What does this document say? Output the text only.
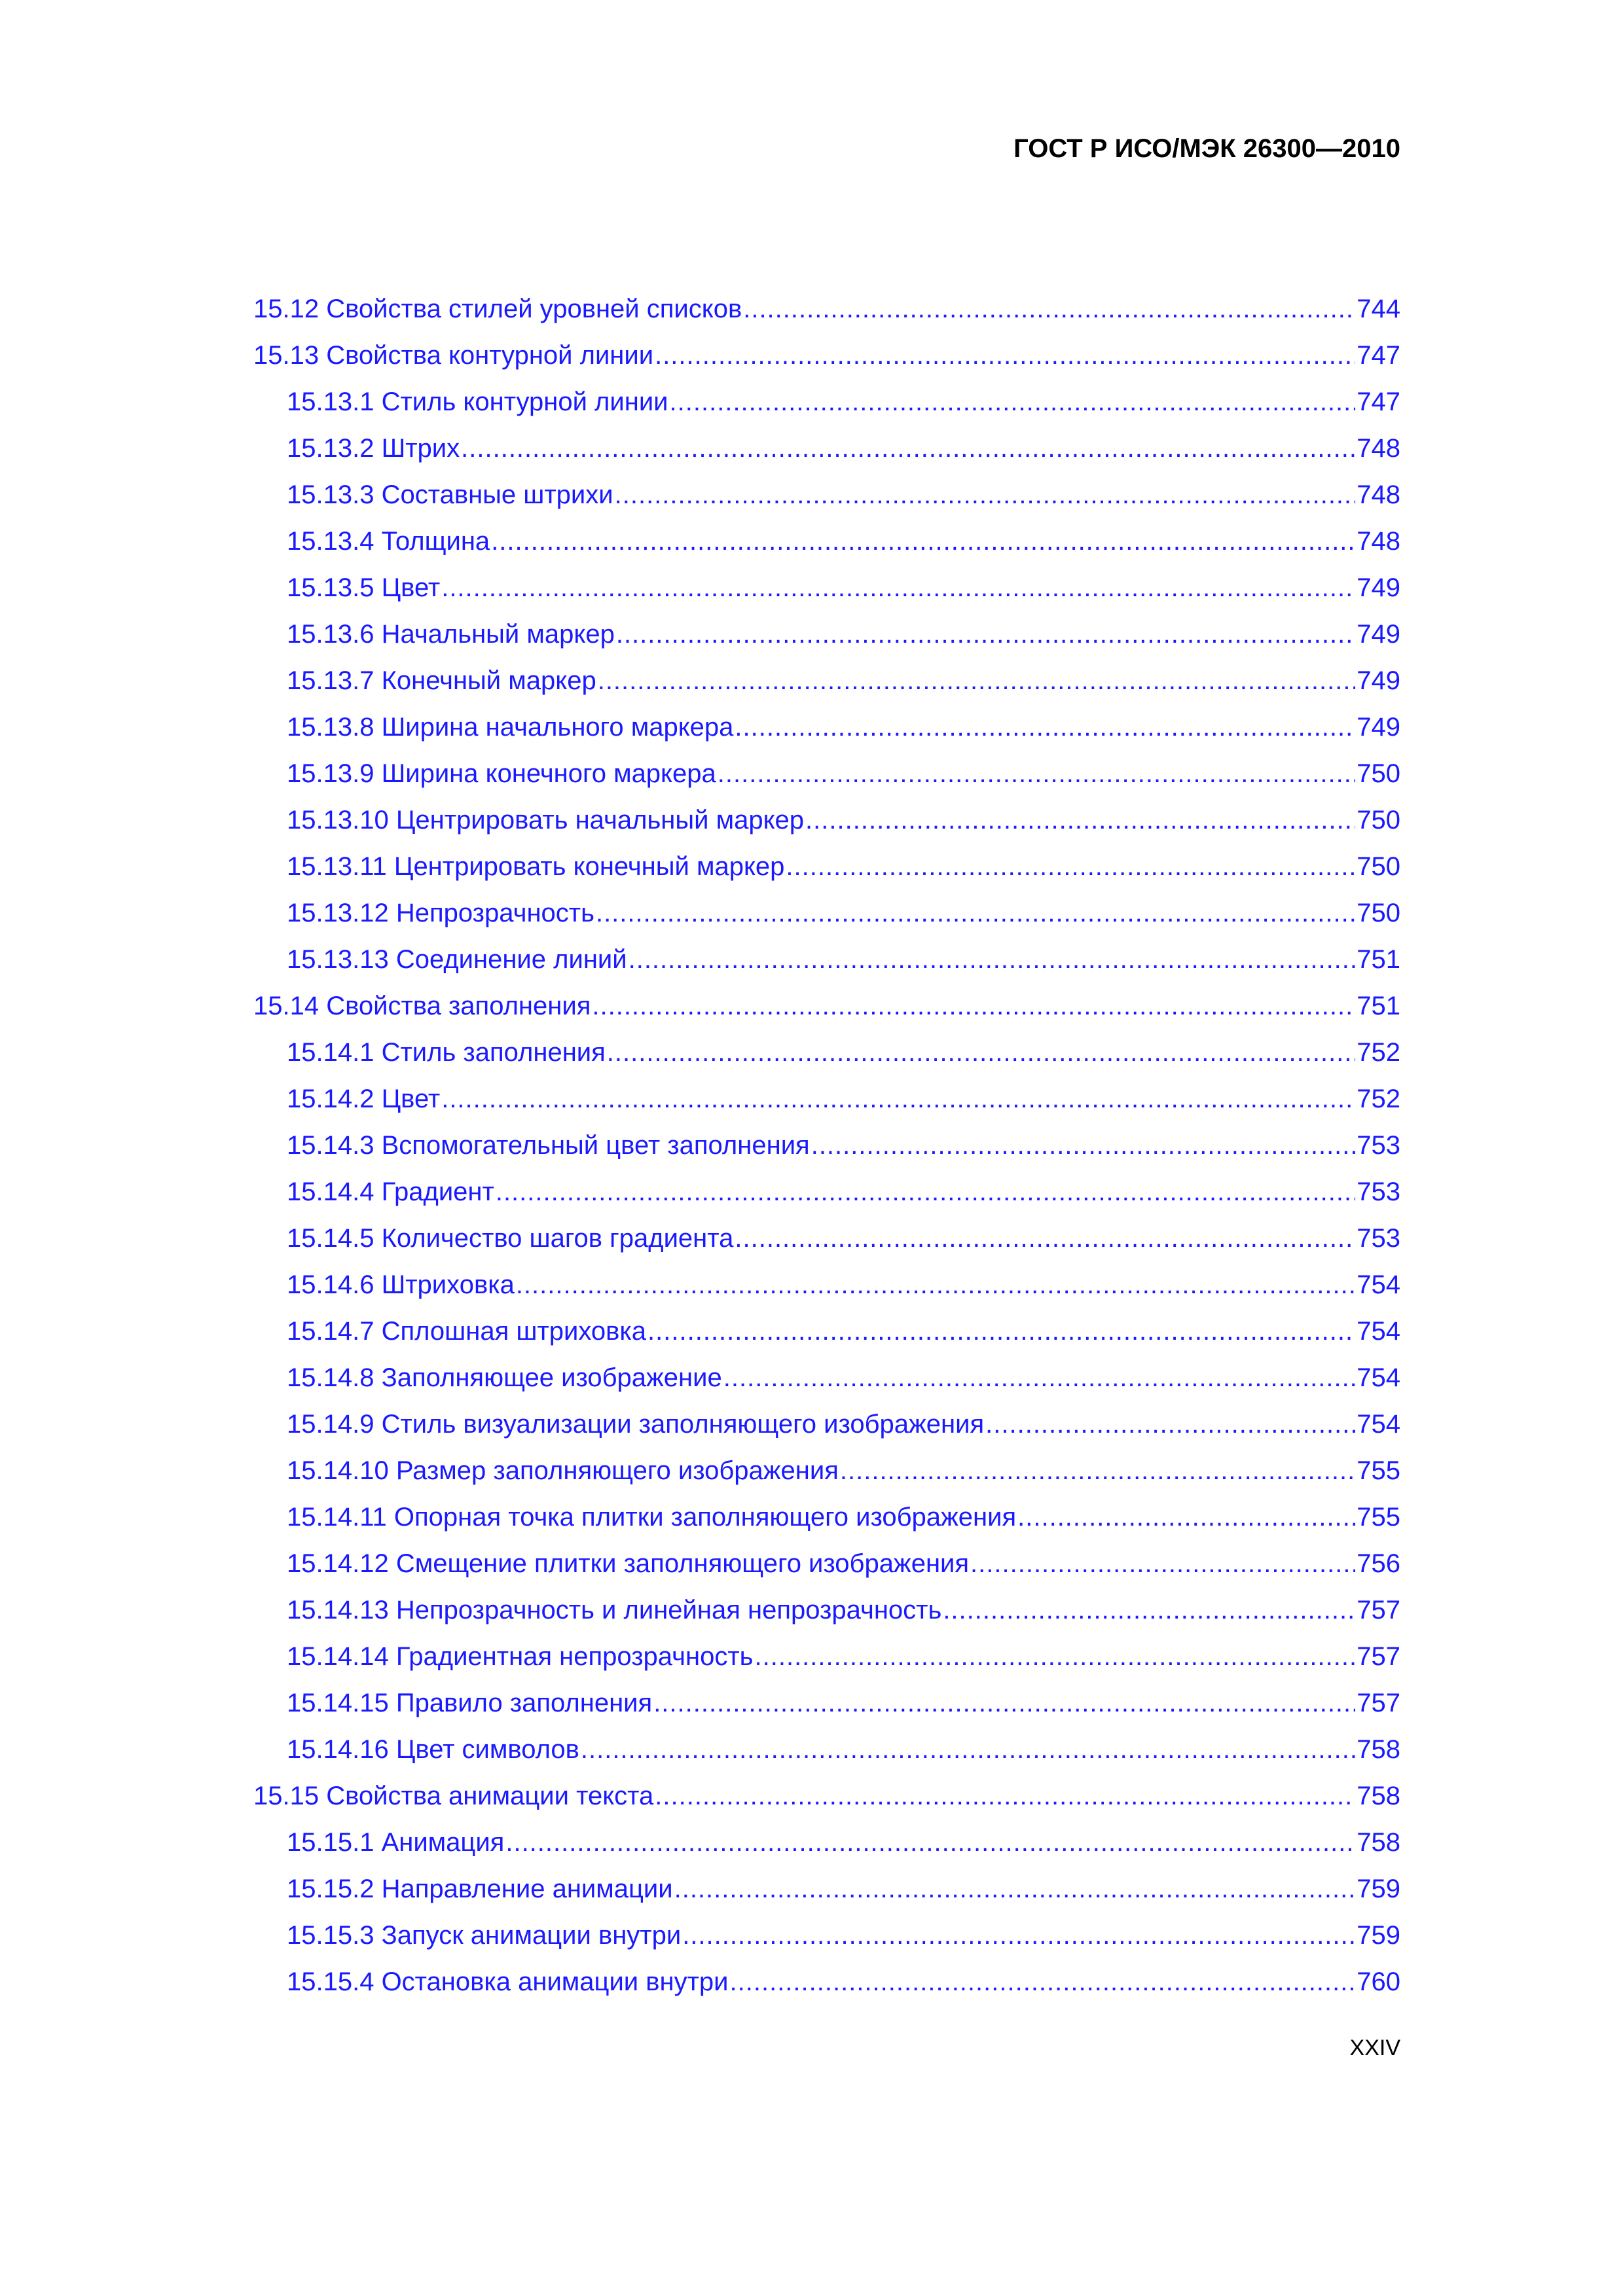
ГОСТ Р ИСО/МЭК 26300—2010
15.12 Свойства стилей уровней списков .....	744
15.13 Свойства контурной линии .....	747
15.13.1 Стиль контурной линии .....	747
15.13.2 Штрих .....	748
15.13.3 Составные штрихи .....	748
15.13.4 Толщина .....	748
15.13.5 Цвет .....	749
15.13.6 Начальный маркер .....	749
15.13.7 Конечный маркер .....	749
15.13.8 Ширина начального маркера .....	749
15.13.9 Ширина конечного маркера .....	750
15.13.10 Центрировать начальный маркер .....	750
15.13.11 Центрировать конечный маркер .....	750
15.13.12 Непрозрачность .....	750
15.13.13 Соединение линий .....	751
15.14 Свойства заполнения .....	751
15.14.1 Стиль заполнения .....	752
15.14.2 Цвет .....	752
15.14.3 Вспомогательный цвет заполнения .....	753
15.14.4 Градиент .....	753
15.14.5 Количество шагов градиента .....	753
15.14.6 Штриховка .....	754
15.14.7 Сплошная штриховка .....	754
15.14.8 Заполняющее изображение .....	754
15.14.9 Стиль визуализации заполняющего изображения .....	754
15.14.10 Размер заполняющего изображения .....	755
15.14.11 Опорная точка плитки заполняющего изображения .....	755
15.14.12 Смещение плитки заполняющего изображения .....	756
15.14.13 Непрозрачность и линейная непрозрачность .....	757
15.14.14 Градиентная непрозрачность .....	757
15.14.15 Правило заполнения .....	757
15.14.16 Цвет символов .....	758
15.15 Свойства анимации текста .....	758
15.15.1 Анимация .....	758
15.15.2 Направление анимации .....	759
15.15.3 Запуск анимации внутри .....	759
15.15.4 Остановка анимации внутри .....	760
XXIV
